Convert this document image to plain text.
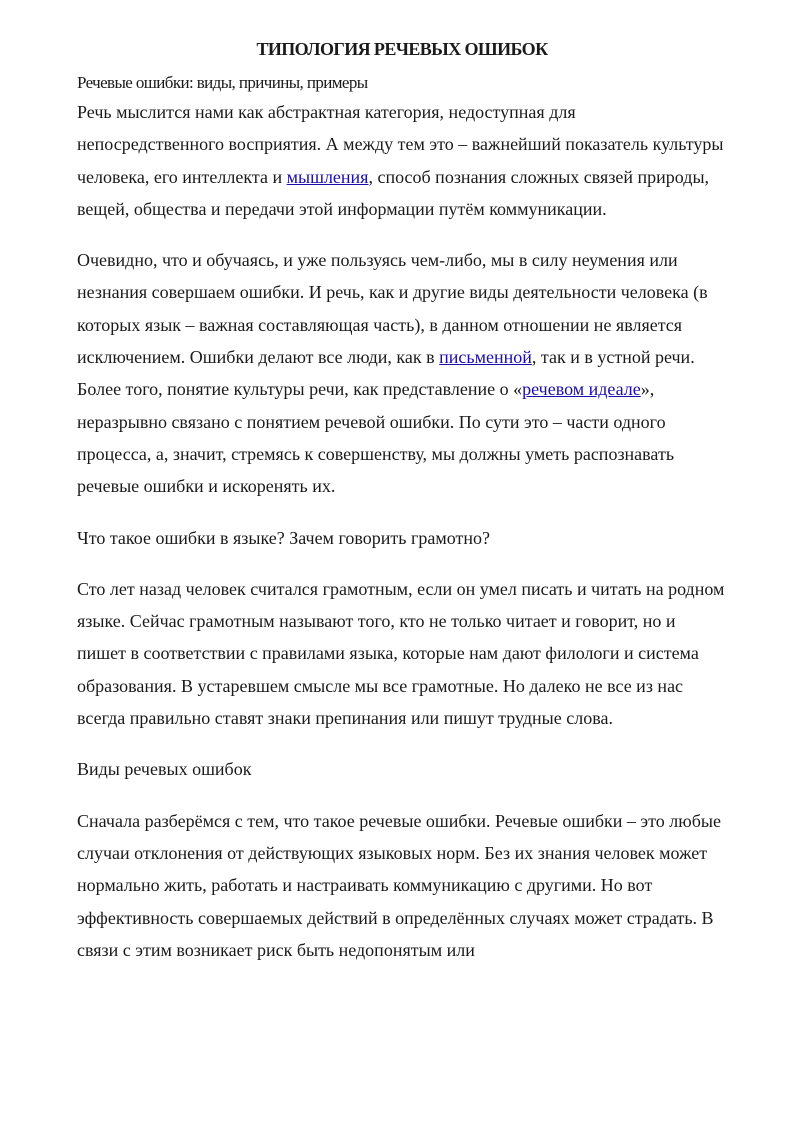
ТИПОЛОГИЯ РЕЧЕВЫХ ОШИБОК
Речевые ошибки: виды, причины, примеры

Речь мыслится нами как абстрактная категория, недоступная для непосредственного восприятия. А между тем это – важнейший показатель культуры человека, его интеллекта и мышления, способ познания сложных связей природы, вещей, общества и передачи этой информации путём коммуникации.

Очевидно, что и обучаясь, и уже пользуясь чем-либо, мы в силу неумения или незнания совершаем ошибки. И речь, как и другие виды деятельности человека (в которых язык – важная составляющая часть), в данном отношении не является исключением. Ошибки делают все люди, как в письменной, так и в устной речи. Более того, понятие культуры речи, как представление о «речевом идеале», неразрывно связано с понятием речевой ошибки. По сути это – части одного процесса, а, значит, стремясь к совершенству, мы должны уметь распознавать речевые ошибки и искоренять их.

Что такое ошибки в языке? Зачем говорить грамотно?

Сто лет назад человек считался грамотным, если он умел писать и читать на родном языке. Сейчас грамотным называют того, кто не только читает и говорит, но и пишет в соответствии с правилами языка, которые нам дают филологи и система образования. В устаревшем смысле мы все грамотные. Но далеко не все из нас всегда правильно ставят знаки препинания или пишут трудные слова.

Виды речевых ошибок

Сначала разберёмся с тем, что такое речевые ошибки. Речевые ошибки – это любые случаи отклонения от действующих языковых норм. Без их знания человек может нормально жить, работать и настраивать коммуникацию с другими. Но вот эффективность совершаемых действий в определённых случаях может страдать. В связи с этим возникает риск быть недопонятым или
